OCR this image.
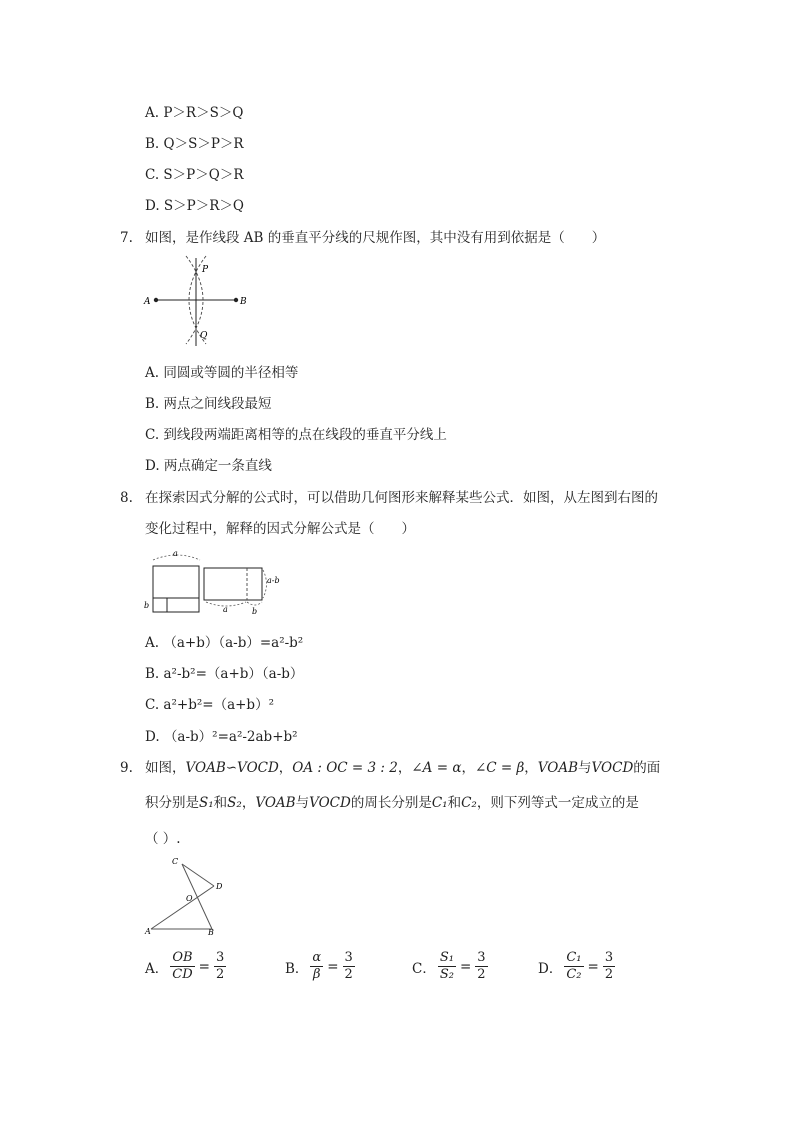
A. P＞R＞S＞Q
B. Q＞S＞P＞R
C. S＞P＞Q＞R
D. S＞P＞R＞Q
7. 如图，是作线段 AB 的垂直平分线的尺规作图，其中没有用到依据是（　　）
A	B
P
Q
A. 同圆或等圆的半径相等
B. 两点之间线段最短
C. 到线段两端距离相等的点在线段的垂直平分线上
D. 两点确定一条直线
8. 在探索因式分解的公式时，可以借助几何图形来解释某些公式．如图，从左图到右图的
变化过程中，解释的因式分解公式是（　　）
a
b
a-b
a	b
A. （a+b）（a-b）=a²-b²
B. a²-b²=（a+b）（a-b）
C. a²+b²=（a+b）²
D. （a-b）²=a²-2ab+b²
9. 如图，VOAB∽VOCD，OA : OC = 3 : 2，∠A = α，∠C = β，VOAB与VOCD的面
积分别是S₁和S₂，VOAB与VOCD的周长分别是C₁和C₂，则下列等式一定成立的是
（ ）.
C
D
O
A	B
A． $\frac{OB}{CD} = \frac{3}{2}$	B． $\frac{\alpha}{\beta} = \frac{3}{2}$	C． $\frac{\text{S₁}}{\text{S₂}} = \frac{3}{2}$	D． $\frac{\text{C₁}}{\text{C₂}} = \frac{3}{2}$
